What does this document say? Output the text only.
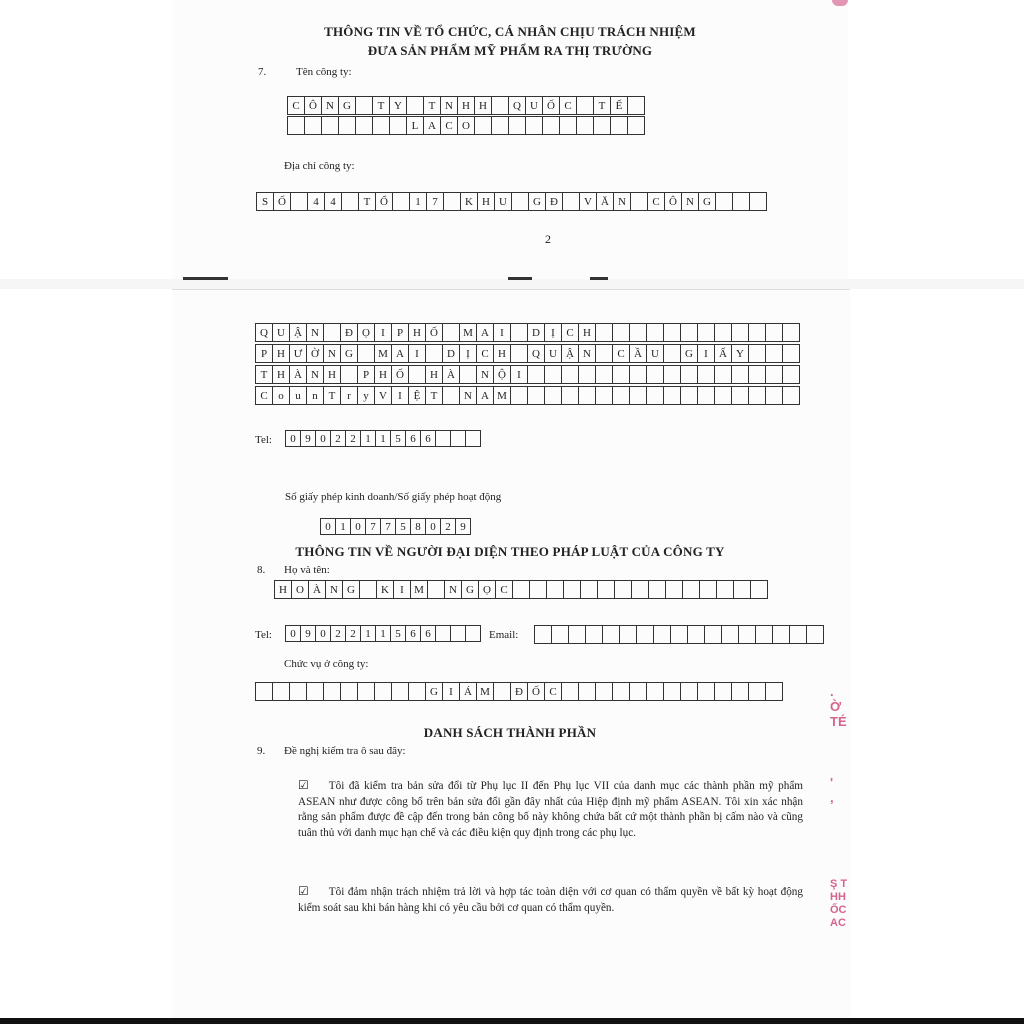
.
Ờ
TÉ
'
,

Ş T
HH
ỐC
AC
THÔNG TIN VỀ TỔ CHỨC, CÁ NHÂN CHỊU TRÁCH NHIỆM
ĐƯA SẢN PHẨM MỸ PHẨM RA THỊ TRƯỜNG
7.	Tên công ty:
C Ô N G	T Y	T N H H	Q U Ố C	T Ế
L A C O
Địa chỉ công ty:
S Ố	4	4	T Ổ	1	7	K H U	G Đ	V Ă N	C Ô N G
2
Q U Ậ N	Đ Ọ	I	P H Ố	M A	I	D	Ị	C H
P H Ư Ờ N G	M A	I	D	Ị	C H	Q U Ậ N	C Ầ U	G	I	Ấ Y
T H À N H	P H Ố	H À	N Ộ	I
C o	u	n T	r	y V	I	Ệ T	N A M
Tel:	0 9 0 2 2 1 1 5 6 6
Số giấy phép kinh doanh/Số giấy phép hoạt động
0 1 0 7 7 5 8 0 2 9
THÔNG TIN VỀ NGƯỜI ĐẠI DIỆN THEO PHÁP LUẬT CỦA CÔNG TY
8. Họ và tên:
H O À N G	K	I M	N G Ọ C
Tel:	0 9 0 2 2 1 1 5 6 6	Email:
Chức vụ ở công ty:
G	I	Á M	Đ Ố C
DANH SÁCH THÀNH PHẦN
9. Đề nghị kiểm tra ô sau đây:
☑ Tôi đã kiểm tra bản sửa đổi từ Phụ lục II đến Phụ lục VII của danh mục các thành phần mỹ phẩm ASEAN như được công bố trên bản sửa đổi gần đây nhất của Hiệp định mỹ phẩm ASEAN. Tôi xin xác nhận rằng sản phẩm được đề cập đến trong bản công bố này không chứa bất cứ một thành phần bị cấm nào và cũng tuân thủ với danh mục hạn chế và các điều kiện quy định trong các phụ lục.
☑ Tôi đảm nhận trách nhiệm trả lời và hợp tác toàn diện với cơ quan có thẩm quyền về bất kỳ hoạt động kiểm soát sau khi bán hàng khi có yêu cầu bởi cơ quan có thẩm quyền.
